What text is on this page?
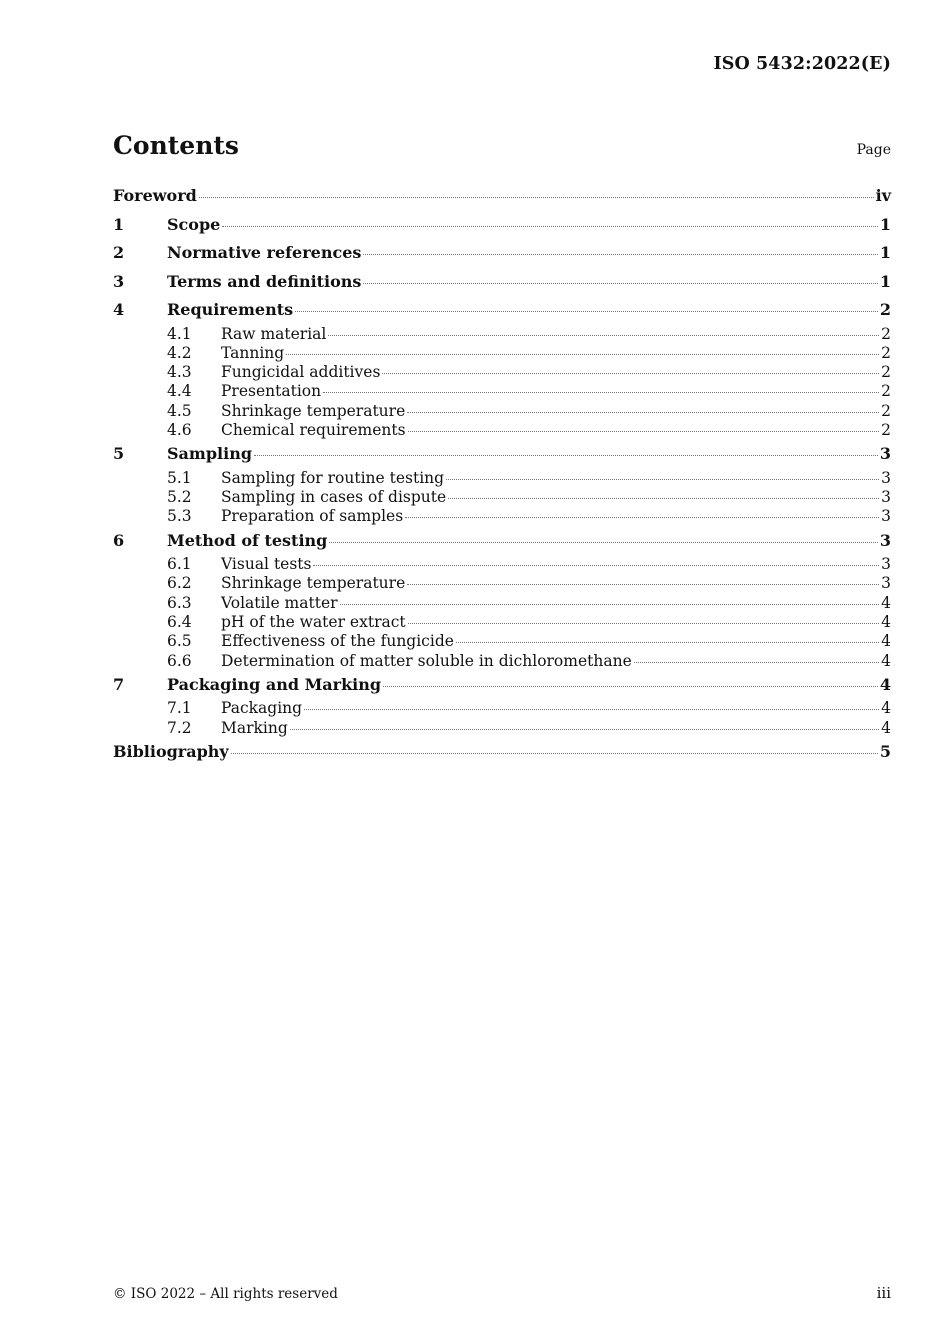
ISO 5432:2022(E)
Contents	Page
Foreword	iv
1	Scope	1
2	Normative references	1
3	Terms and definitions	1
4	Requirements	2
4.1	Raw material	2
4.2	Tanning	2
4.3	Fungicidal additives	2
4.4	Presentation	2
4.5	Shrinkage temperature	2
4.6	Chemical requirements	2
5	Sampling	3
5.1	Sampling for routine testing	3
5.2	Sampling in cases of dispute	3
5.3	Preparation of samples	3
6	Method of testing	3
6.1	Visual tests	3
6.2	Shrinkage temperature	3
6.3	Volatile matter	4
6.4	pH of the water extract	4
6.5	Effectiveness of the fungicide	4
6.6	Determination of matter soluble in dichloromethane	4
7	Packaging and Marking	4
7.1	Packaging	4
7.2	Marking	4
Bibliography	5
© ISO 2022 – All rights reserved	iii
